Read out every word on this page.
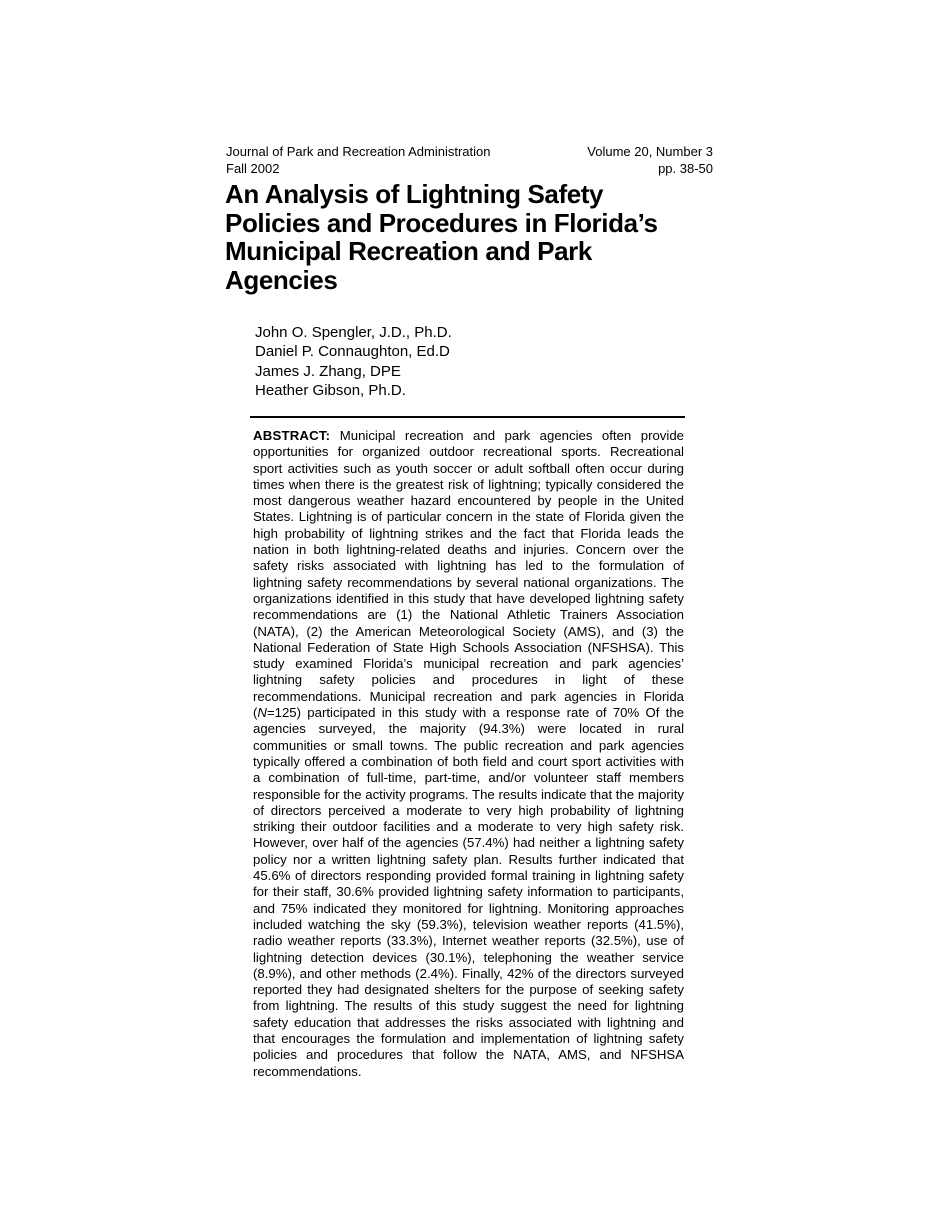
Journal of Park and Recreation Administration
Fall 2002
Volume 20, Number 3
pp. 38-50
An Analysis of Lightning Safety
Policies and Procedures in Florida’s
Municipal Recreation and Park
Agencies
John O. Spengler, J.D., Ph.D.
Daniel P. Connaughton, Ed.D
James J. Zhang, DPE
Heather Gibson, Ph.D.

ABSTRACT: Municipal recreation and park agencies often provide opportunities for organized outdoor recreational sports. Recreational sport activities such as youth soccer or adult softball often occur during times when there is the greatest risk of lightning; typically considered the most dangerous weather hazard encountered by people in the United States. Lightning is of particular concern in the state of Florida given the high probability of lightning strikes and the fact that Florida leads the nation in both lightning-related deaths and injuries. Concern over the safety risks associated with lightning has led to the formulation of lightning safety recommendations by several national organizations. The organizations identified in this study that have developed lightning safety recommendations are (1) the National Athletic Trainers Association (NATA), (2) the American Meteorological Society (AMS), and (3) the National Federation of State High Schools Association (NFSHSA). This study examined Florida’s municipal recreation and park agencies’ lightning safety policies and procedures in light of these recommendations. Municipal recreation and park agencies in Florida (N=125) participated in this study with a response rate of 70% Of the agencies surveyed, the majority (94.3%) were located in rural communities or small towns. The public recreation and park agencies typically offered a combination of both field and court sport activities with a combination of full-time, part-time, and/or volunteer staff members responsible for the activity programs. The results indicate that the majority of directors perceived a moderate to very high probability of lightning striking their outdoor facilities and a moderate to very high safety risk. However, over half of the agencies (57.4%) had neither a lightning safety policy nor a written lightning safety plan. Results further indicated that 45.6% of directors responding provided formal training in lightning safety for their staff, 30.6% provided lightning safety information to participants, and 75% indicated they monitored for lightning. Monitoring approaches included watching the sky (59.3%), television weather reports (41.5%), radio weather reports (33.3%), Internet weather reports (32.5%), use of lightning detection devices (30.1%), telephoning the weather service (8.9%), and other methods (2.4%). Finally, 42% of the directors surveyed reported they had designated shelters for the purpose of seeking safety from lightning. The results of this study suggest the need for lightning safety education that addresses the risks associated with lightning and that encourages the formulation and implementation of lightning safety policies and procedures that follow the NATA, AMS, and NFSHSA recommendations.
